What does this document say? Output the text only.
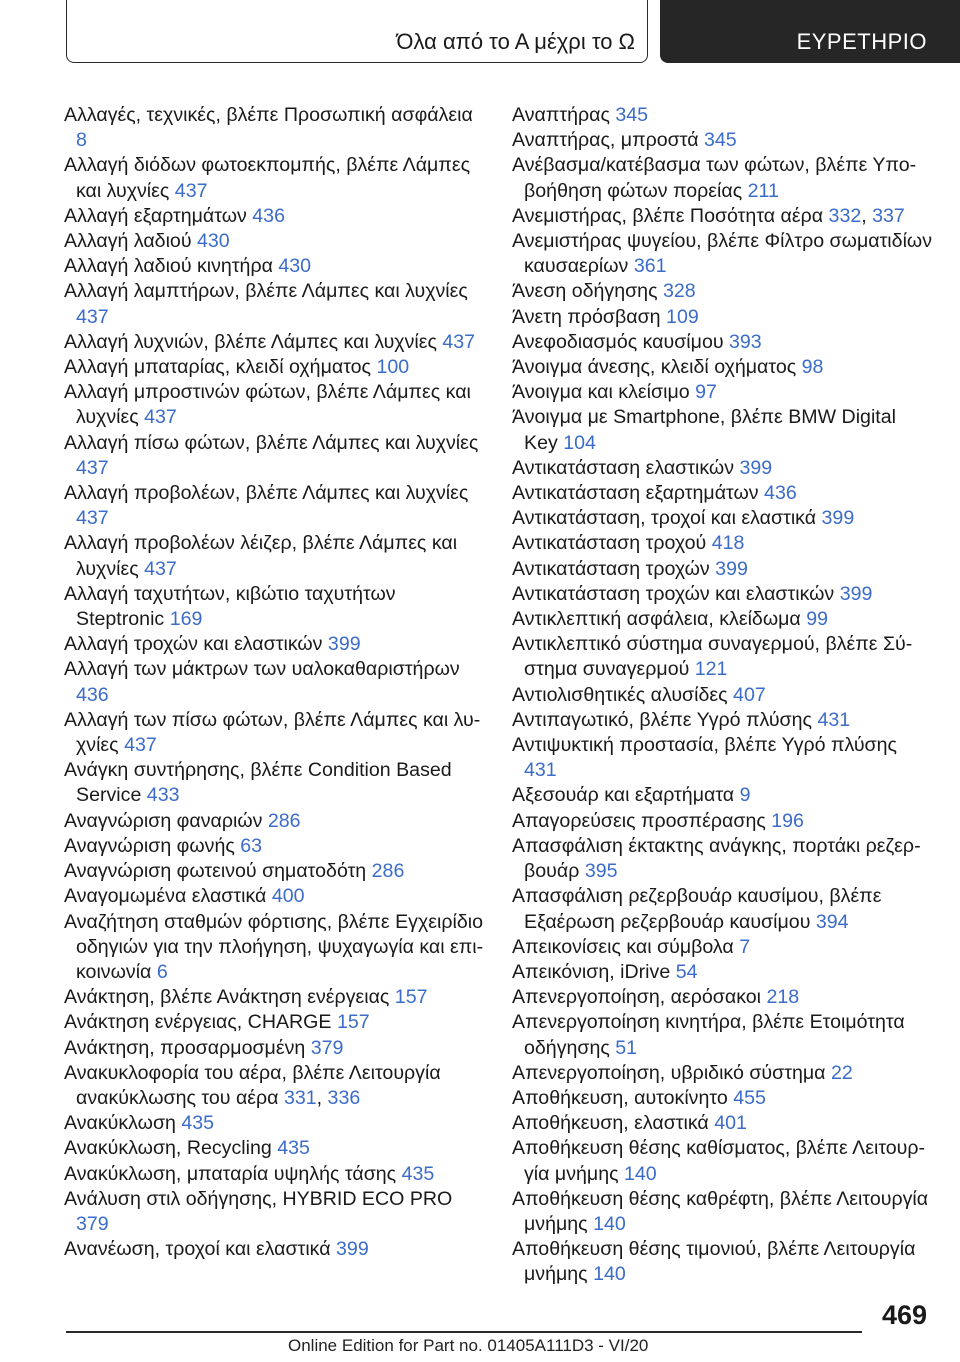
Όλα από το Α μέχρι το Ω	ΕΥΡΕΤΗΡΙΟ

Αλλαγές, τεχνικές, βλέπε Προσωπική ασφάλεια 8

Αλλαγή διόδων φωτοεκπομπής, βλέπε Λάμπες και λυχνίες 437

Αλλαγή εξαρτημάτων 436

Αλλαγή λαδιού 430

Αλλαγή λαδιού κινητήρα 430

Αλλαγή λαμπτήρων, βλέπε Λάμπες και λυχνίες 437

Αλλαγή λυχνιών, βλέπε Λάμπες και λυχνίες 437

Αλλαγή μπαταρίας, κλειδί οχήματος 100

Αλλαγή μπροστινών φώτων, βλέπε Λάμπες και λυχνίες 437

Αλλαγή πίσω φώτων, βλέπε Λάμπες και λυχνίες 437

Αλλαγή προβολέων, βλέπε Λάμπες και λυχνίες 437

Αλλαγή προβολέων λέιζερ, βλέπε Λάμπες και λυχνίες 437

Αλλαγή ταχυτήτων, κιβώτιο ταχυτήτων Steptronic 169

Αλλαγή τροχών και ελαστικών 399

Αλλαγή των μάκτρων των υαλοκαθαριστήρων 436

Αλλαγή των πίσω φώτων, βλέπε Λάμπες και λυχνίες 437

Ανάγκη συντήρησης, βλέπε Condition Based Service 433

Αναγνώριση φαναριών 286

Αναγνώριση φωνής 63

Αναγνώριση φωτεινού σηματοδότη 286

Αναγομωμένα ελαστικά 400

Αναζήτηση σταθμών φόρτισης, βλέπε Εγχειρίδιο οδηγιών για την πλοήγηση, ψυχαγωγία και επικοινωνία 6

Ανάκτηση, βλέπε Ανάκτηση ενέργειας 157

Ανάκτηση ενέργειας, CHARGE 157

Ανάκτηση, προσαρμοσμένη 379

Ανακυκλοφορία του αέρα, βλέπε Λειτουργία ανακύκλωσης του αέρα 331, 336

Ανακύκλωση 435

Ανακύκλωση, Recycling 435

Ανακύκλωση, μπαταρία υψηλής τάσης 435

Ανάλυση στιλ οδήγησης, HYBRID ECO PRO 379

Ανανέωση, τροχοί και ελαστικά 399

Αναπτήρας 345

Αναπτήρας, μπροστά 345

Ανέβασμα/κατέβασμα των φώτων, βλέπε Υποβοήθηση φώτων πορείας 211

Ανεμιστήρας, βλέπε Ποσότητα αέρα 332, 337

Ανεμιστήρας ψυγείου, βλέπε Φίλτρο σωματιδίων καυσαερίων 361

Άνεση οδήγησης 328

Άνετη πρόσβαση 109

Ανεφοδιασμός καυσίμου 393

Άνοιγμα άνεσης, κλειδί οχήματος 98

Άνοιγμα και κλείσιμο 97

Άνοιγμα με Smartphone, βλέπε BMW Digital Key 104

Αντικατάσταση ελαστικών 399

Αντικατάσταση εξαρτημάτων 436

Αντικατάσταση, τροχοί και ελαστικά 399

Αντικατάσταση τροχού 418

Αντικατάσταση τροχών 399

Αντικατάσταση τροχών και ελαστικών 399

Αντικλεπτική ασφάλεια, κλείδωμα 99

Αντικλεπτικό σύστημα συναγερμού, βλέπε Σύστημα συναγερμού 121

Αντιολισθητικές αλυσίδες 407

Αντιπαγωτικό, βλέπε Υγρό πλύσης 431

Αντιψυκτική προστασία, βλέπε Υγρό πλύσης 431

Αξεσουάρ και εξαρτήματα 9

Απαγορεύσεις προσπέρασης 196

Απασφάλιση έκτακτης ανάγκης, πορτάκι ρεζερβουάρ 395

Απασφάλιση ρεζερβουάρ καυσίμου, βλέπε Εξαέρωση ρεζερβουάρ καυσίμου 394

Απεικονίσεις και σύμβολα 7

Απεικόνιση, iDrive 54

Απενεργοποίηση, αερόσακοι 218

Απενεργοποίηση κινητήρα, βλέπε Ετοιμότητα οδήγησης 51

Απενεργοποίηση, υβριδικό σύστημα 22

Αποθήκευση, αυτοκίνητο 455

Αποθήκευση, ελαστικά 401

Αποθήκευση θέσης καθίσματος, βλέπε Λειτουργία μνήμης 140

Αποθήκευση θέσης καθρέφτη, βλέπε Λειτουργία μνήμης 140

Αποθήκευση θέσης τιμονιού, βλέπε Λειτουργία μνήμης 140

469
Online Edition for Part no. 01405A111D3 - VI/20
